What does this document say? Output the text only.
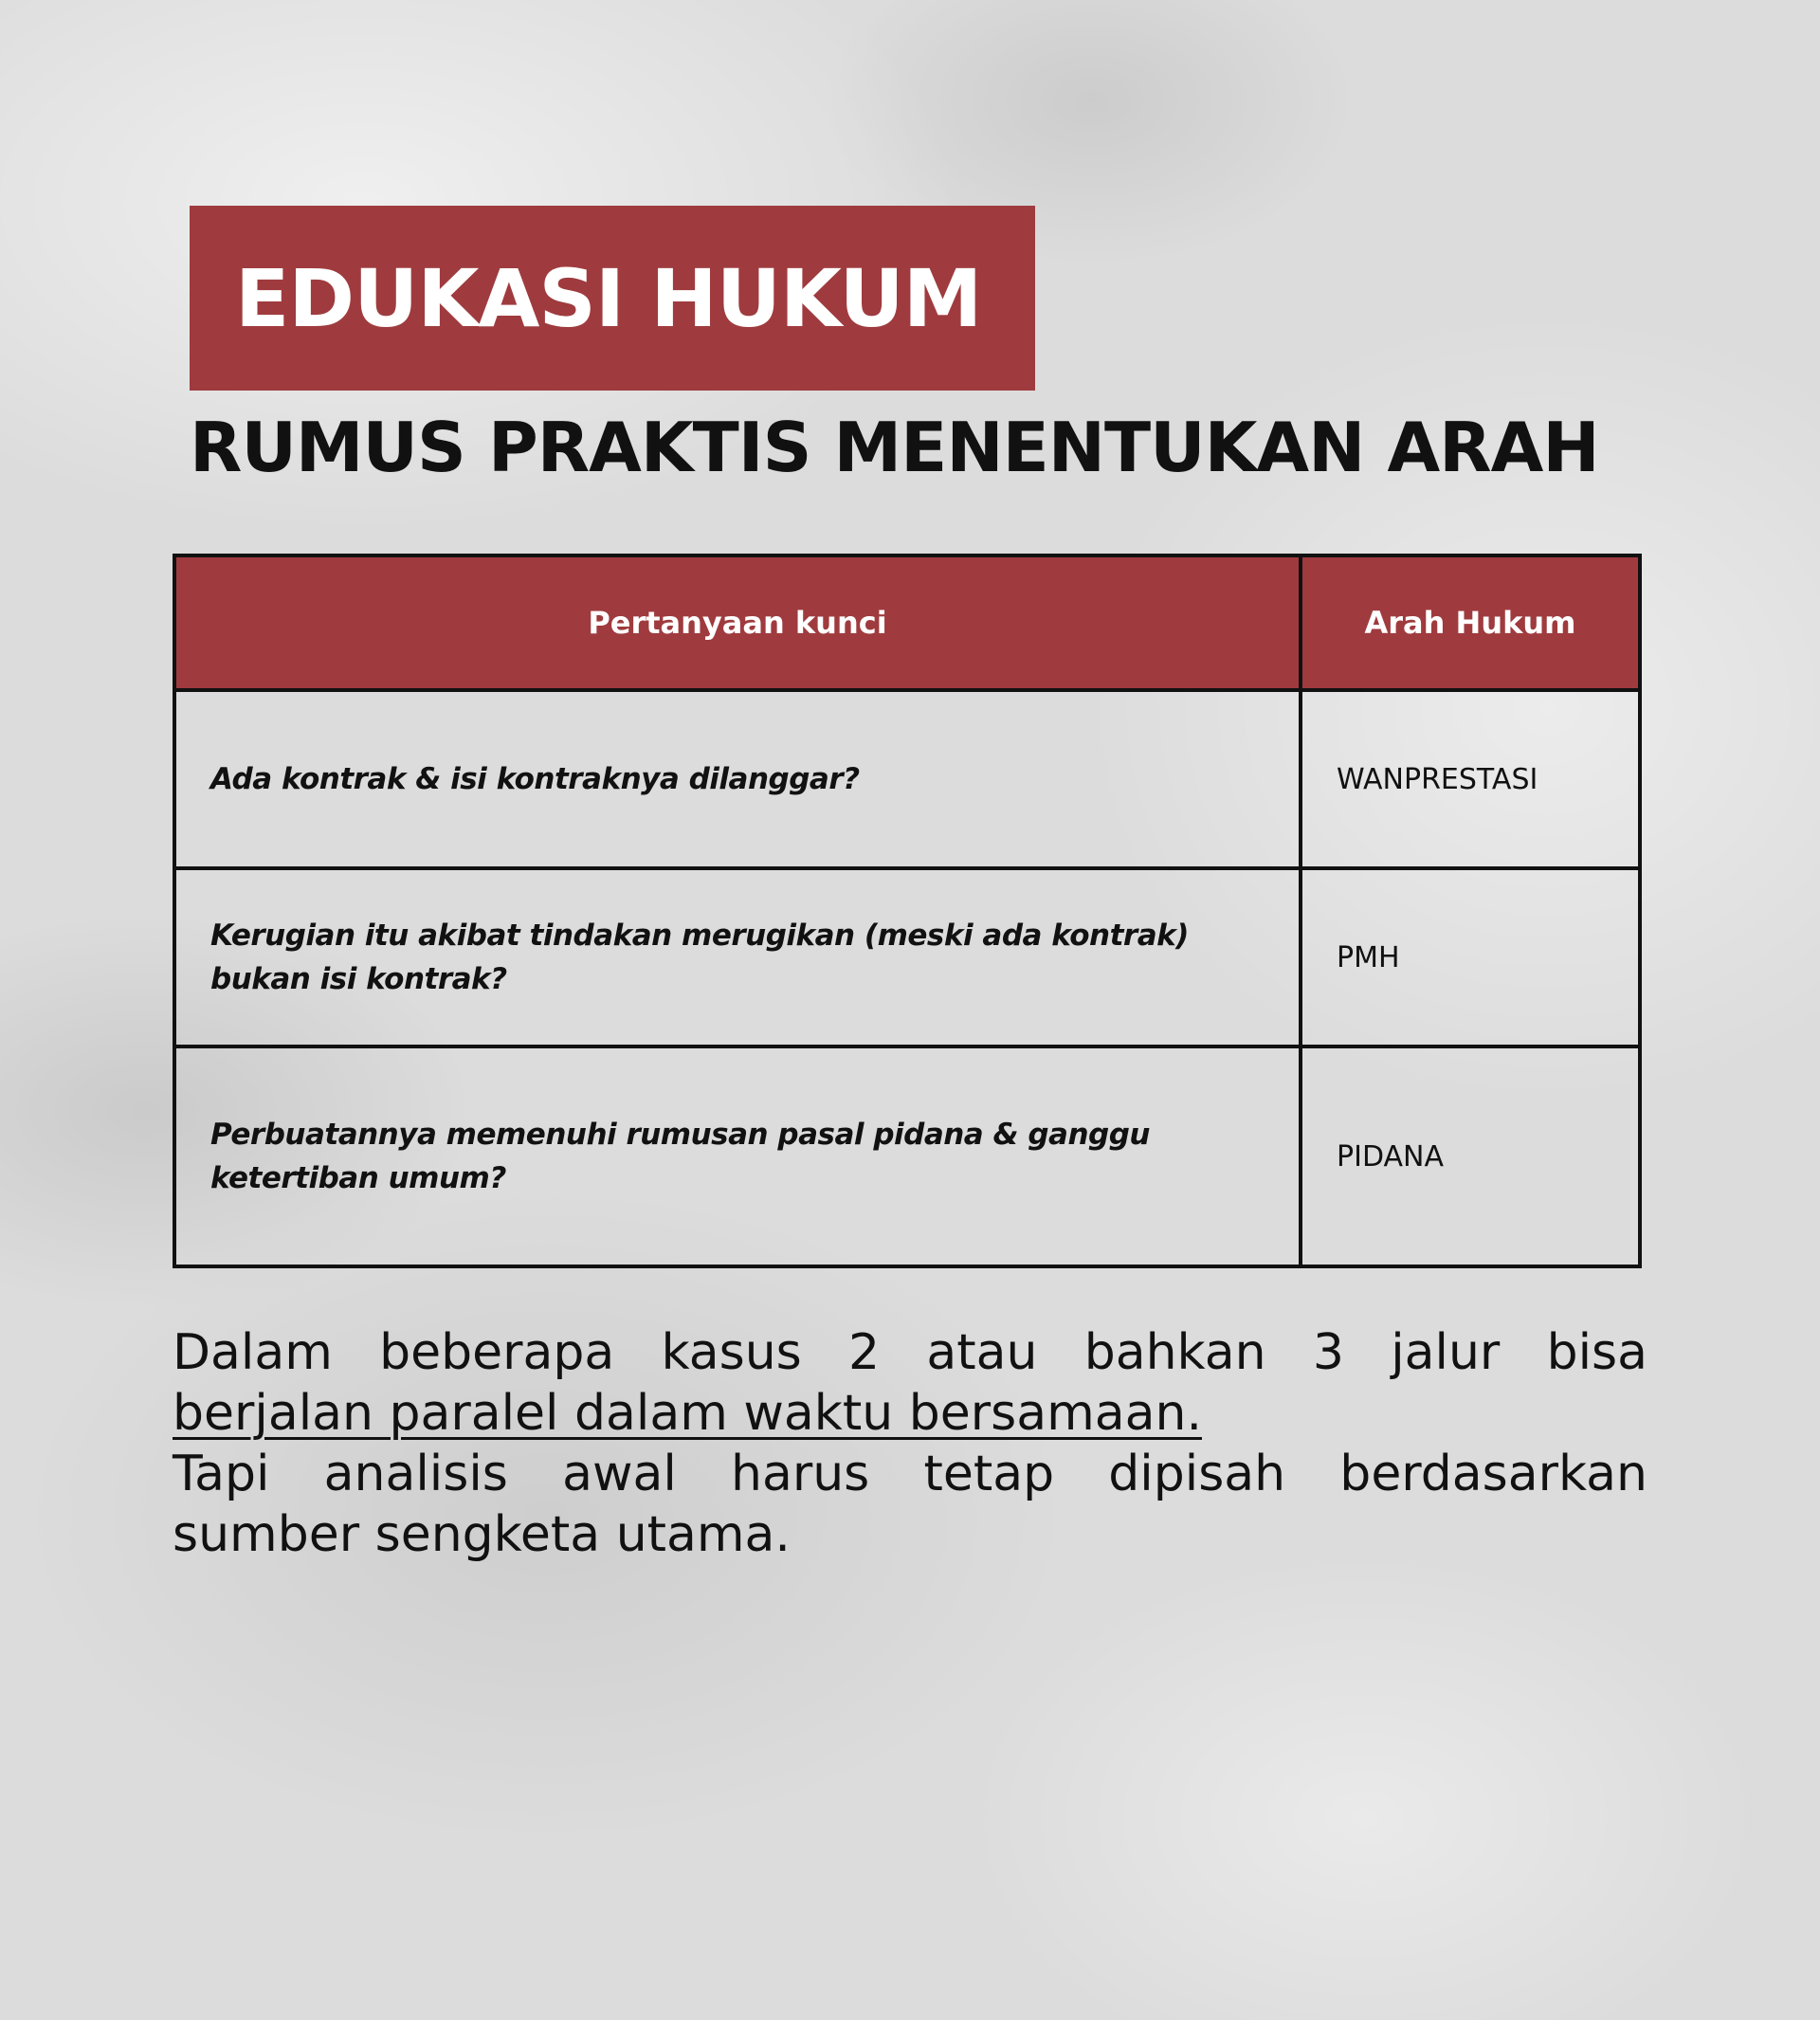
EDUKASI HUKUM
RUMUS PRAKTIS MENENTUKAN ARAH
Pertanyaan kunci	Arah Hukum
Ada kontrak & isi kontraknya dilanggar?	WANPRESTASI
Kerugian itu akibat tindakan merugikan (meski ada kontrak) bukan isi kontrak?	PMH
Perbuatannya memenuhi rumusan pasal pidana & ganggu ketertiban umum?	PIDANA

Dalam beberapa kasus 2 atau bahkan 3 jalur bisa
berjalan paralel dalam waktu bersamaan.
Tapi analisis awal harus tetap dipisah berdasarkan
sumber sengketa utama.
